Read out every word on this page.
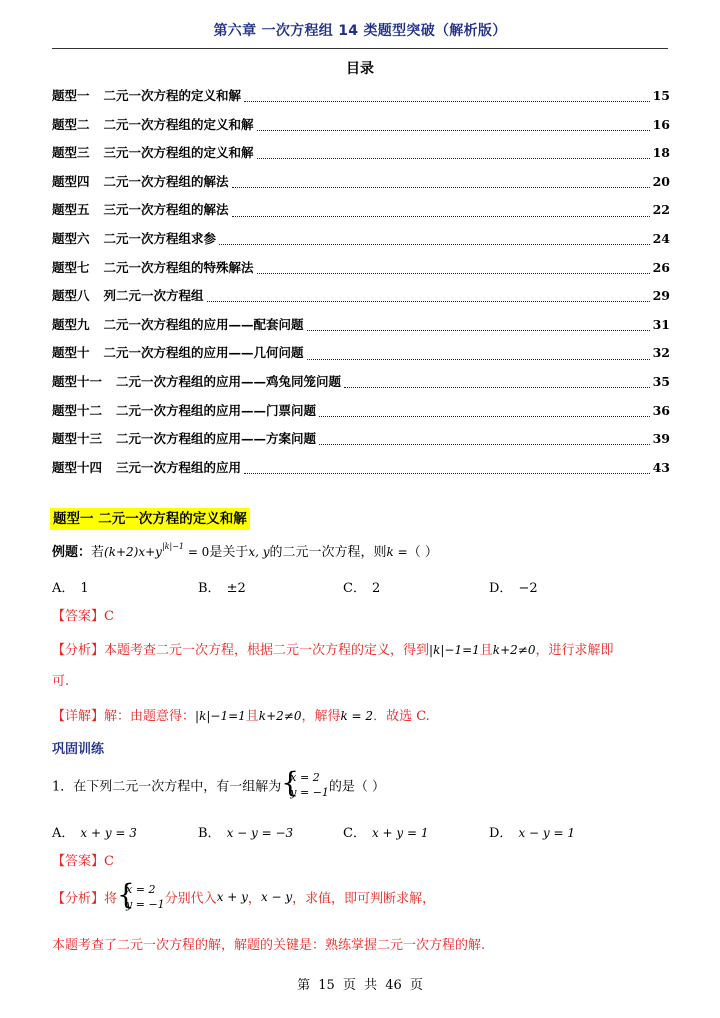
第六章 一次方程组 14 类题型突破（解析版）
目录
题型一 二元一次方程的定义和解	15
题型二 二元一次方程组的定义和解	16
题型三 三元一次方程组的定义和解	18
题型四 二元一次方程组的解法	20
题型五 三元一次方程组的解法	22
题型六 二元一次方程组求参	24
题型七 二元一次方程组的特殊解法	26
题型八 列二元一次方程组	29
题型九 二元一次方程组的应用——配套问题	31
题型十 二元一次方程组的应用——几何问题	32
题型十一 二元一次方程组的应用——鸡兔同笼问题	35
题型十二 二元一次方程组的应用——门票问题	36
题型十三 二元一次方程组的应用——方案问题	39
题型十四 三元一次方程组的应用	43
题型一 二元一次方程的定义和解
例题：若$(k+2)x+y^{|k|-1} = 0$是关于x, y的二元一次方程，则k =（ ）
A． 1	B． ±2	C． 2	D． −2
【答案】C
【分析】本题考查二元一次方程，根据二元一次方程的定义，得到|k|−1=1且k+2≠0，进行求解即
可.
【详解】解：由题意得：|k|−1=1且k+2≠0，解得k = 2．故选 C.
巩固训练
1．在下列二元一次方程中，有一组解为
{ x = 2
y = −1 的是（ ）
A． x + y = 3	B． x − y = −3	C． x + y = 1	D． x − y = 1
【答案】C
【分析】将
{ x = 2
y = −1 分别代入x + y，x − y，求值，即可判断求解，
本题考查了二元一次方程的解，解题的关键是：熟练掌握二元一次方程的解.
第 15 页 共 46 页
